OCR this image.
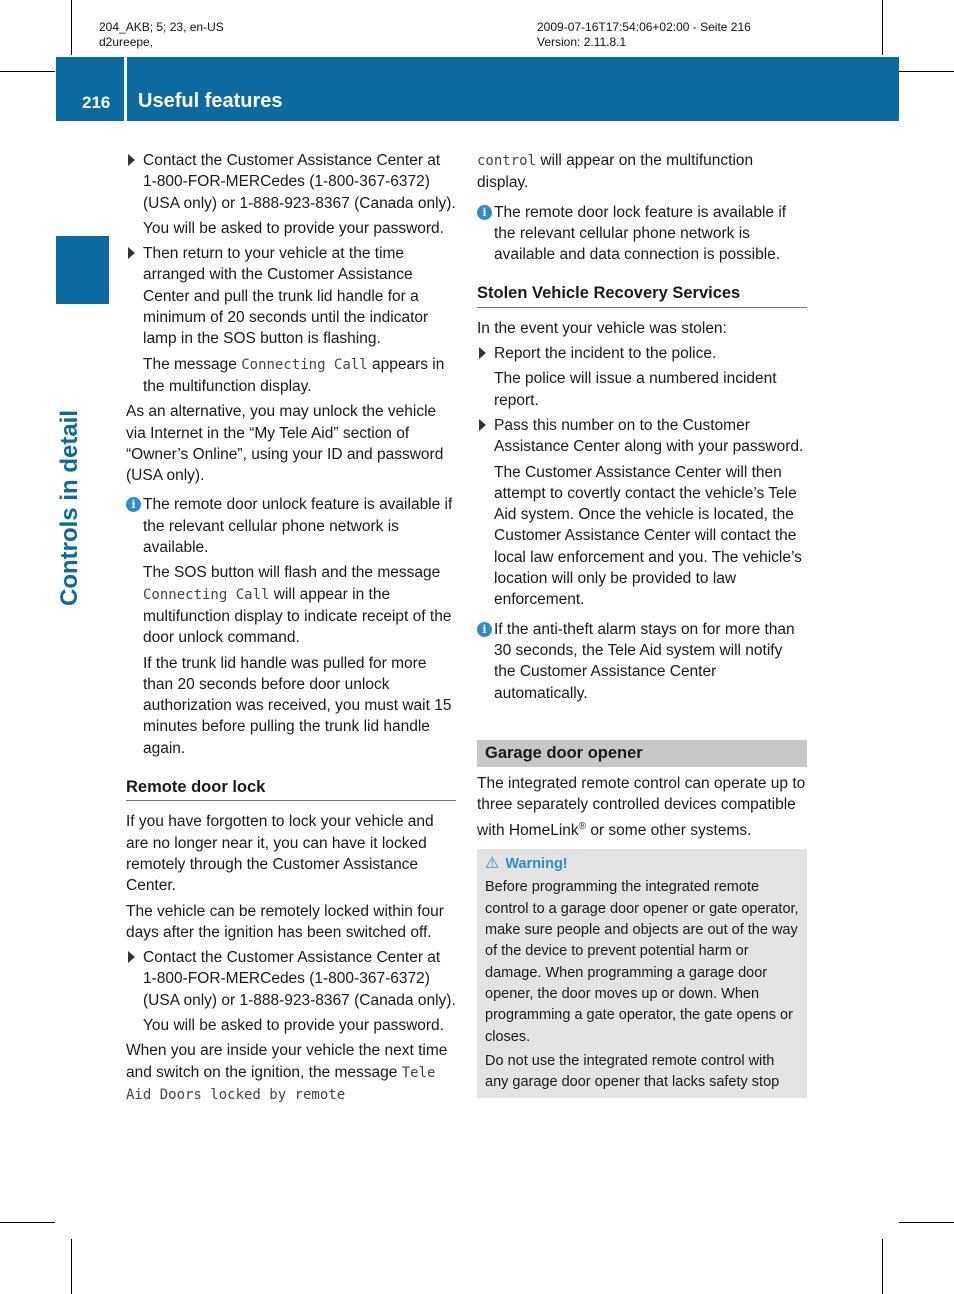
204_AKB; 5; 23, en-US
d2ureepe,
2009-07-16T17:54:06+02:00 - Seite 216
Version: 2.11.8.1
216 Useful features
Controls in detail
Contact the Customer Assistance Center at 1-800-FOR-MERCedes (1-800-367-6372) (USA only) or 1-888-923-8367 (Canada only).
You will be asked to provide your password.
Then return to your vehicle at the time arranged with the Customer Assistance Center and pull the trunk lid handle for a minimum of 20 seconds until the indicator lamp in the SOS button is flashing.
The message Connecting Call appears in the multifunction display.

As an alternative, you may unlock the vehicle via Internet in the “My Tele Aid” section of “Owner’s Online”, using your ID and password (USA only).

i The remote door unlock feature is available if the relevant cellular phone network is available.
The SOS button will flash and the message Connecting Call will appear in the multifunction display to indicate receipt of the door unlock command.
If the trunk lid handle was pulled for more than 20 seconds before door unlock authorization was received, you must wait 15 minutes before pulling the trunk lid handle again.
Remote door lock

If you have forgotten to lock your vehicle and are no longer near it, you can have it locked remotely through the Customer Assistance Center.

The vehicle can be remotely locked within four days after the ignition has been switched off.

Contact the Customer Assistance Center at 1-800-FOR-MERCedes (1-800-367-6372) (USA only) or 1-888-923-8367 (Canada only).
You will be asked to provide your password.

When you are inside your vehicle the next time and switch on the ignition, the message Tele Aid Doors locked by remote

control will appear on the multifunction display.

i The remote door lock feature is available if the relevant cellular phone network is available and data connection is possible.
Stolen Vehicle Recovery Services

In the event your vehicle was stolen:

Report the incident to the police.
The police will issue a numbered incident report.
Pass this number on to the Customer Assistance Center along with your password.
The Customer Assistance Center will then attempt to covertly contact the vehicle’s Tele Aid system. Once the vehicle is located, the Customer Assistance Center will contact the local law enforcement and you. The vehicle’s location will only be provided to law enforcement.
i If the anti-theft alarm stays on for more than 30 seconds, the Tele Aid system will notify the Customer Assistance Center automatically.
Garage door opener

The integrated remote control can operate up to three separately controlled devices compatible with HomeLink® or some other systems.

⚠ Warning!

Before programming the integrated remote control to a garage door opener or gate operator, make sure people and objects are out of the way of the device to prevent potential harm or damage. When programming a garage door opener, the door moves up or down. When programming a gate operator, the gate opens or closes.

Do not use the integrated remote control with any garage door opener that lacks safety stop
